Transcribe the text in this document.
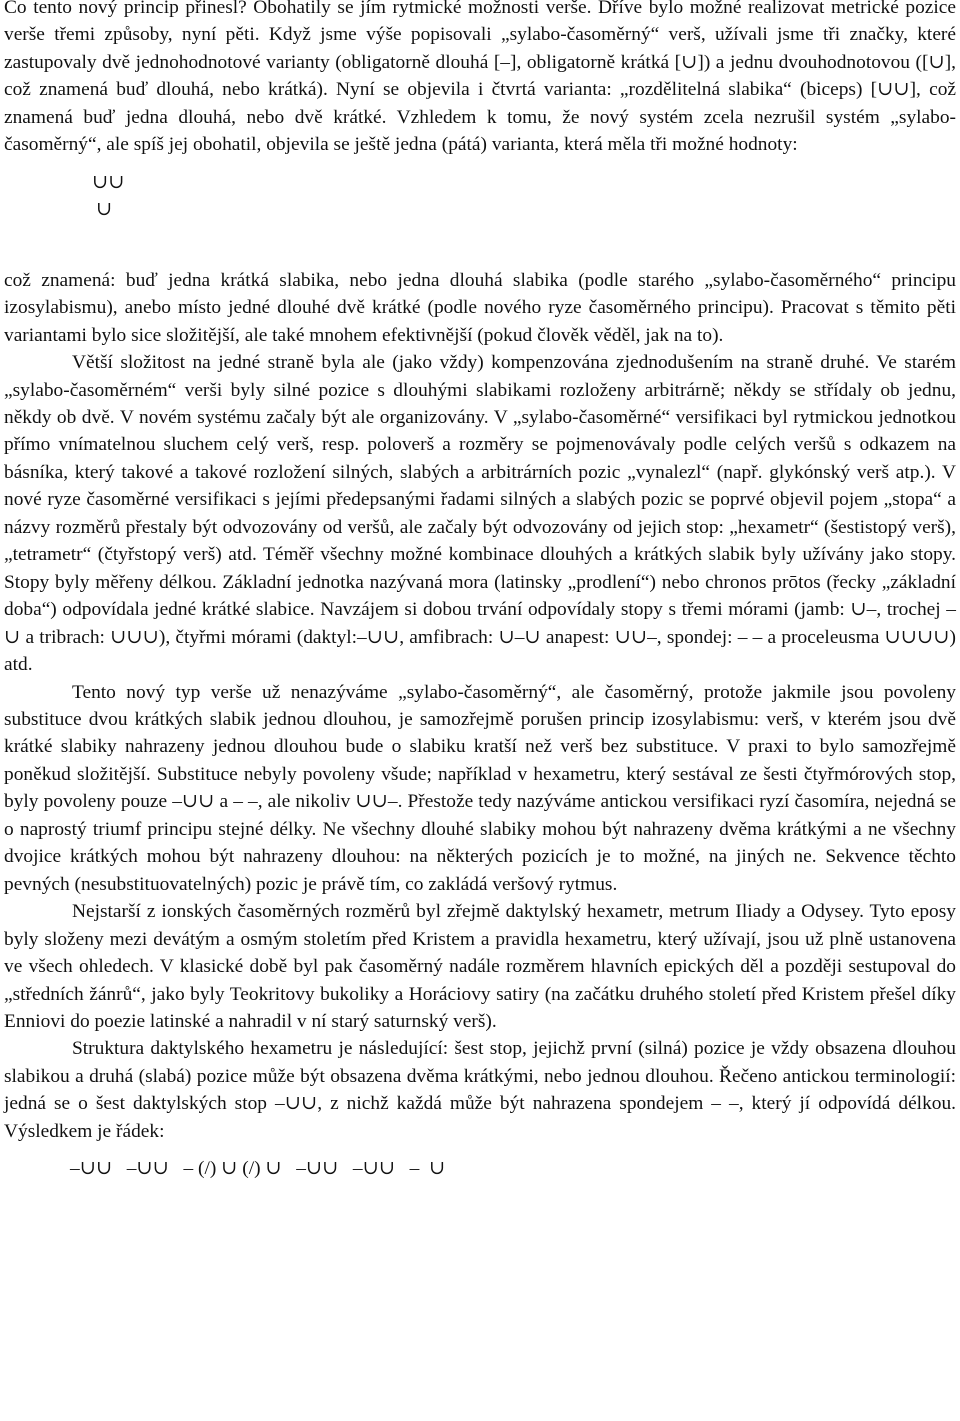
Co tento nový princip přinesl? Obohatily se jím rytmické možnosti verše. Dříve bylo možné realizovat metrické pozice verše třemi způsoby, nyní pěti. Když jsme výše popisovali „sylabo-časoměrný“ verš, užívali jsme tři značky, které zastupovaly dvě jednohodnotové varianty (obligatorně dlouhá [–], obligatorně krátká [∪]) a jednu dvouhodnotovou ([∪], což znamená buď dlouhá, nebo krátká). Nyní se objevila i čtvrtá varianta: „rozdělitelná slabika“ (biceps) [∪∪], což znamená buď jedna dlouhá, nebo dvě krátké. Vzhledem k tomu, že nový systém zcela nezrušil systém „sylabo-časoměrný“, ale spíš jej obohatil, objevila se ještě jedna (pátá) varianta, která měla tři možné hodnoty:

∪∪
∪

což znamená: buď jedna krátká slabika, nebo jedna dlouhá slabika (podle starého „sylabo-časoměrného“ principu izosylabismu), anebo místo jedné dlouhé dvě krátké (podle nového ryze časoměrného principu). Pracovat s těmito pěti variantami bylo sice složitější, ale také mnohem efektivnější (pokud člověk věděl, jak na to).

Větší složitost na jedné straně byla ale (jako vždy) kompenzována zjednodušením na straně druhé. Ve starém „sylabo-časoměrném“ verši byly silné pozice s dlouhými slabikami rozloženy arbitrárně; někdy se střídaly ob jednu, někdy ob dvě. V novém systému začaly být ale organizovány. V „sylabo-časoměrné“ versifikaci byl rytmickou jednotkou přímo vnímatelnou sluchem celý verš, resp. poloverš a rozměry se pojmenovávaly podle celých veršů s odkazem na básníka, který takové a takové rozložení silných, slabých a arbitrárních pozic „vynalezl“ (např. glykónský verš atp.). V nové ryze časoměrné versifikaci s jejími předepsanými řadami silných a slabých pozic se poprvé objevil pojem „stopa“ a názvy rozměrů přestaly být odvozovány od veršů, ale začaly být odvozovány od jejich stop: „hexametr“ (šestistopý verš), „tetrametr“ (čtyřstopý verš) atd. Téměř všechny možné kombinace dlouhých a krátkých slabik byly užívány jako stopy. Stopy byly měřeny délkou. Základní jednotka nazývaná mora (latinsky „prodlení“) nebo chronos prōtos (řecky „základní doba“) odpovídala jedné krátké slabice. Navzájem si dobou trvání odpovídaly stopy s třemi mórami (jamb: ∪–, trochej –∪ a tribrach: ∪∪∪), čtyřmi mórami (daktyl:–∪∪, amfibrach: ∪–∪ anapest: ∪∪–, spondej: – – a proceleusma ∪∪∪∪) atd.

Tento nový typ verše už nenazýváme „sylabo-časoměrný“, ale časoměrný, protože jakmile jsou povoleny substituce dvou krátkých slabik jednou dlouhou, je samozřejmě porušen princip izosylabismu: verš, v kterém jsou dvě krátké slabiky nahrazeny jednou dlouhou bude o slabiku kratší než verš bez substituce. V praxi to bylo samozřejmě poněkud složitější. Substituce nebyly povoleny všude; například v hexametru, který sestával ze šesti čtyřmórových stop, byly povoleny pouze –∪∪ a – –, ale nikoliv ∪∪–. Přestože tedy nazýváme antickou versifikaci ryzí časomíra, nejedná se o naprostý triumf principu stejné délky. Ne všechny dlouhé slabiky mohou být nahrazeny dvěma krátkými a ne všechny dvojice krátkých mohou být nahrazeny dlouhou: na některých pozicích je to možné, na jiných ne. Sekvence těchto pevných (nesubstituovatelných) pozic je právě tím, co zakládá veršový rytmus.

Nejstarší z ionských časoměrných rozměrů byl zřejmě daktylský hexametr, metrum Iliady a Odysey. Tyto eposy byly složeny mezi devátým a osmým stoletím před Kristem a pravidla hexametru, který užívají, jsou už plně ustanovena ve všech ohledech. V klasické době byl pak časoměrný nadále rozměrem hlavních epických děl a později sestupoval do „středních žánrů“, jako byly Teokritovy bukoliky a Horáciovy satiry (na začátku druhého století před Kristem přešel díky Enniovi do poezie latinské a nahradil v ní starý saturnský verš).

Struktura daktylského hexametru je následující: šest stop, jejichž první (silná) pozice je vždy obsazena dlouhou slabikou a druhá (slabá) pozice může být obsazena dvěma krátkými, nebo jednou dlouhou. Řečeno antickou terminologií: jedná se o šest daktylských stop –∪∪, z nichž každá může být nahrazena spondejem – –, který jí odpovídá délkou. Výsledkem je řádek:

–∪∪   –∪∪   – (/) ∪ (/) ∪   –∪∪   –∪∪   –  ∪
